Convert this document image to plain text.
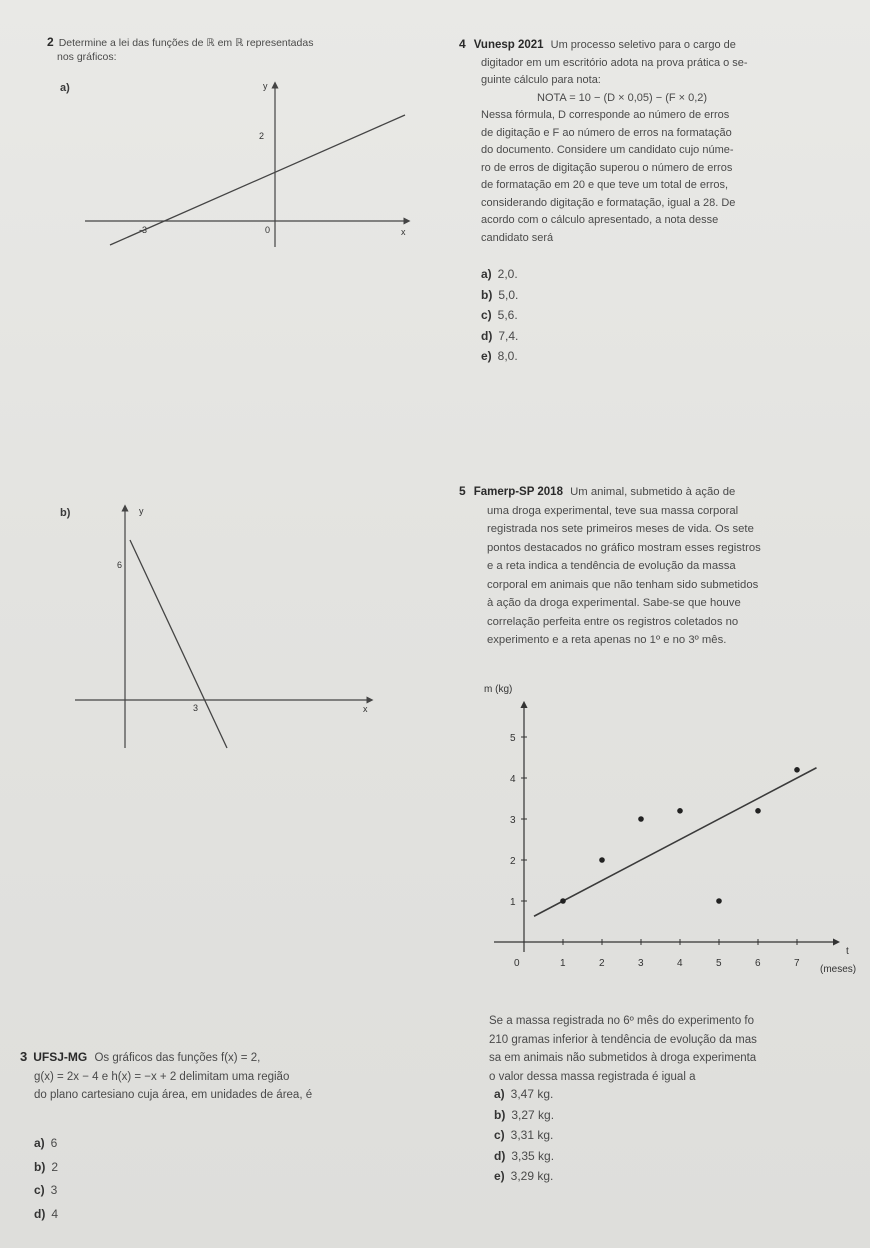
2 Determine a lei das funções de ℝ em ℝ representadas
nos gráficos:
a)	y
x
2
-3	0
b)	y
x
6
3
4 Vunesp 2021 Um processo seletivo para o cargo de
digitador em um escritório adota na prova prática o se-
guinte cálculo para nota:
NOTA = 10 − (D × 0,05) − (F × 0,2)
Nessa fórmula, D corresponde ao número de erros
de digitação e F ao número de erros na formatação
do documento. Considere um candidato cujo núme-
ro de erros de digitação superou o número de erros
de formatação em 20 e que teve um total de erros,
considerando digitação e formatação, igual a 28. De
acordo com o cálculo apresentado, a nota desse
candidato será
a) 2,0.
b) 5,0.
c) 5,6.
d) 7,4.
e) 8,0.
5 Famerp-SP 2018 Um animal, submetido à ação de
uma droga experimental, teve sua massa corporal
registrada nos sete primeiros meses de vida. Os sete
pontos destacados no gráfico mostram esses registros
e a reta indica a tendência de evolução da massa
corporal em animais que não tenham sido submetidos
à ação da droga experimental. Sabe-se que houve
correlação perfeita entre os registros coletados no
experimento e a reta apenas no 1º e no 3º mês.
1	2	3	4	5	6	7
1
2
3
4
5
m (kg)
t
(meses)
0
Se a massa registrada no 6º mês do experimento fo
210 gramas inferior à tendência de evolução da mas
sa em animais não submetidos à droga experimenta
o valor dessa massa registrada é igual a
a) 3,47 kg.
b) 3,27 kg.
c) 3,31 kg.
d) 3,35 kg.
e) 3,29 kg.
3 UFSJ-MG Os gráficos das funções f(x) = 2,
g(x) = 2x − 4 e h(x) = −x + 2 delimitam uma região
do plano cartesiano cuja área, em unidades de área, é
a) 6
b) 2
c) 3
d) 4
